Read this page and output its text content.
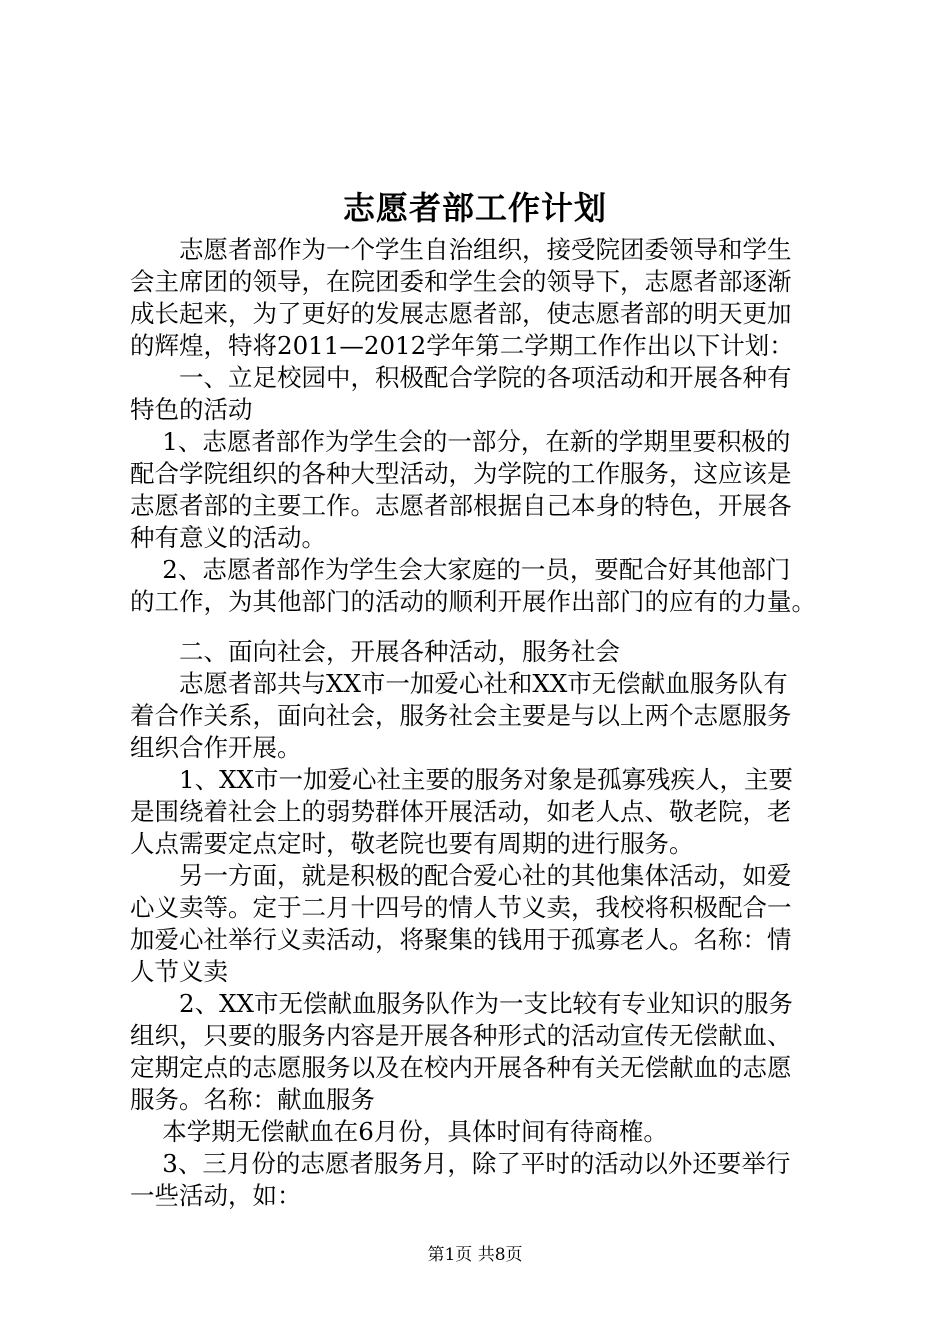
志愿者部工作计划
　　志愿者部作为一个学生自治组织，接受院团委领导和学生
会主席团的领导，在院团委和学生会的领导下，志愿者部逐渐
成长起来，为了更好的发展志愿者部，使志愿者部的明天更加
的辉煌，特将2011—2012学年第二学期工作作出以下计划：
　　一、立足校园中，积极配合学院的各项活动和开展各种有
特色的活动
　 1、志愿者部作为学生会的一部分，在新的学期里要积极的
配合学院组织的各种大型活动，为学院的工作服务，这应该是
志愿者部的主要工作。志愿者部根据自己本身的特色，开展各
种有意义的活动。
　 2、志愿者部作为学生会大家庭的一员，要配合好其他部门
的工作，为其他部门的活动的顺利开展作出部门的应有的力量。
　　二、面向社会，开展各种活动，服务社会
　　志愿者部共与XX市一加爱心社和XX市无偿献血服务队有
着合作关系，面向社会，服务社会主要是与以上两个志愿服务
组织合作开展。
　　1、XX市一加爱心社主要的服务对象是孤寡残疾人，主要
是围绕着社会上的弱势群体开展活动，如老人点、敬老院，老
人点需要定点定时，敬老院也要有周期的进行服务。
　　另一方面，就是积极的配合爱心社的其他集体活动，如爱
心义卖等。定于二月十四号的情人节义卖，我校将积极配合一
加爱心社举行义卖活动，将聚集的钱用于孤寡老人。名称：情
人节义卖
　　2、XX市无偿献血服务队作为一支比较有专业知识的服务
组织，只要的服务内容是开展各种形式的活动宣传无偿献血、
定期定点的志愿服务以及在校内开展各种有关无偿献血的志愿
服务。名称：献血服务
　 本学期无偿献血在6月份，具体时间有待商榷。
　 3、三月份的志愿者服务月，除了平时的活动以外还要举行
一些活动，如：
第1页 共8页
